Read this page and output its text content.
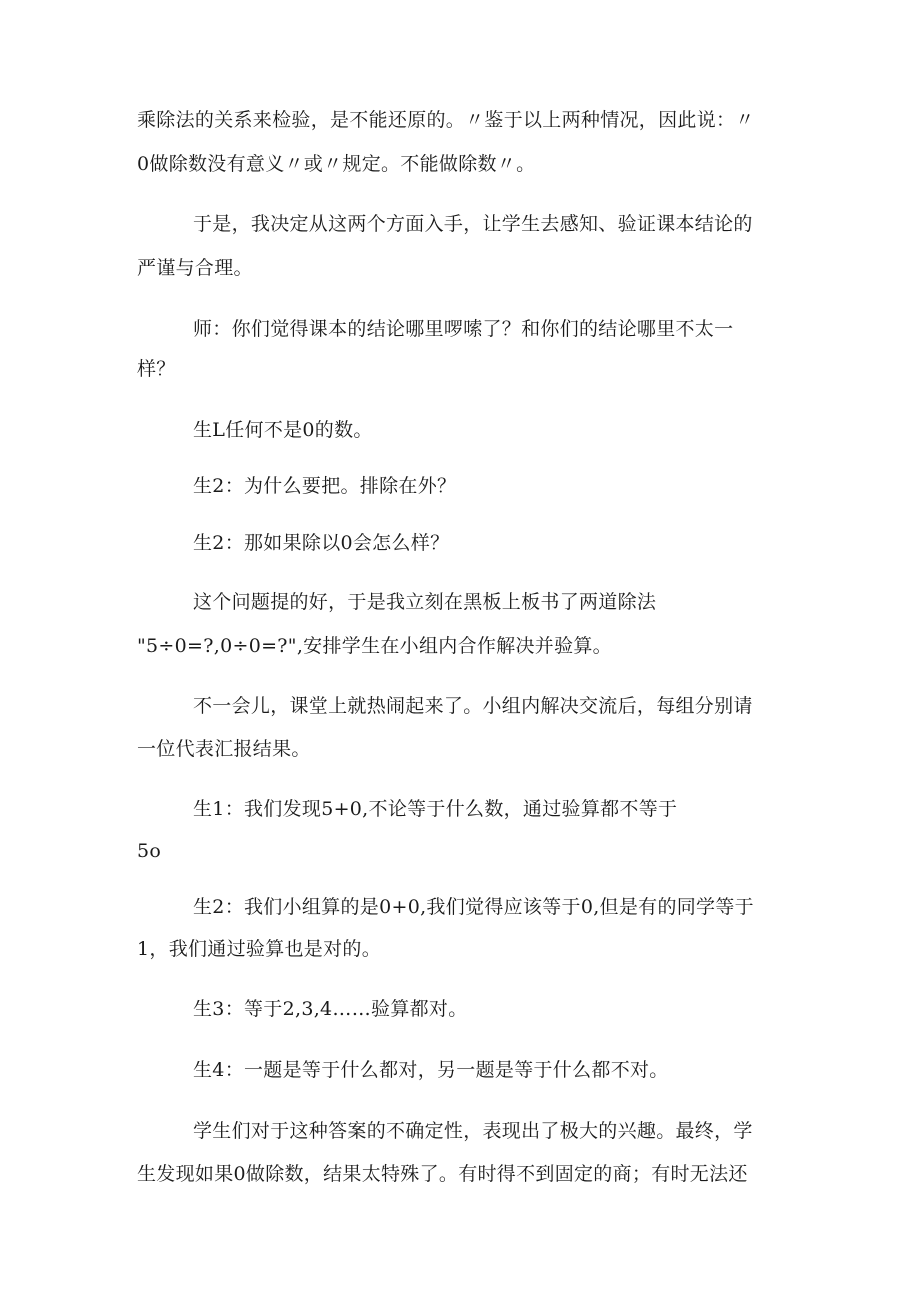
乘除法的关系来检验，是不能还原的。〃鉴于以上两种情况，因此说：〃
0做除数没有意义〃或〃规定。不能做除数〃。
于是，我决定从这两个方面入手，让学生去感知、验证课本结论的
严谨与合理。
师：你们觉得课本的结论哪里啰嗦了？和你们的结论哪里不太一
样？
生L任何不是0的数。
生2：为什么要把。排除在外？
生2：那如果除以0会怎么样？
这个问题提的好，于是我立刻在黑板上板书了两道除法
"5÷0=?,0÷0=?",安排学生在小组内合作解决并验算。
不一会儿，课堂上就热闹起来了。小组内解决交流后，每组分别请
一位代表汇报结果。
生1：我们发现5+0,不论等于什么数，通过验算都不等于
5o
生2：我们小组算的是0+0,我们觉得应该等于0,但是有的同学等于
1，我们通过验算也是对的。
生3：等于2,3,4……验算都对。
生4：一题是等于什么都对，另一题是等于什么都不对。
学生们对于这种答案的不确定性，表现出了极大的兴趣。最终，学
生发现如果0做除数，结果太特殊了。有时得不到固定的商；有时无法还
